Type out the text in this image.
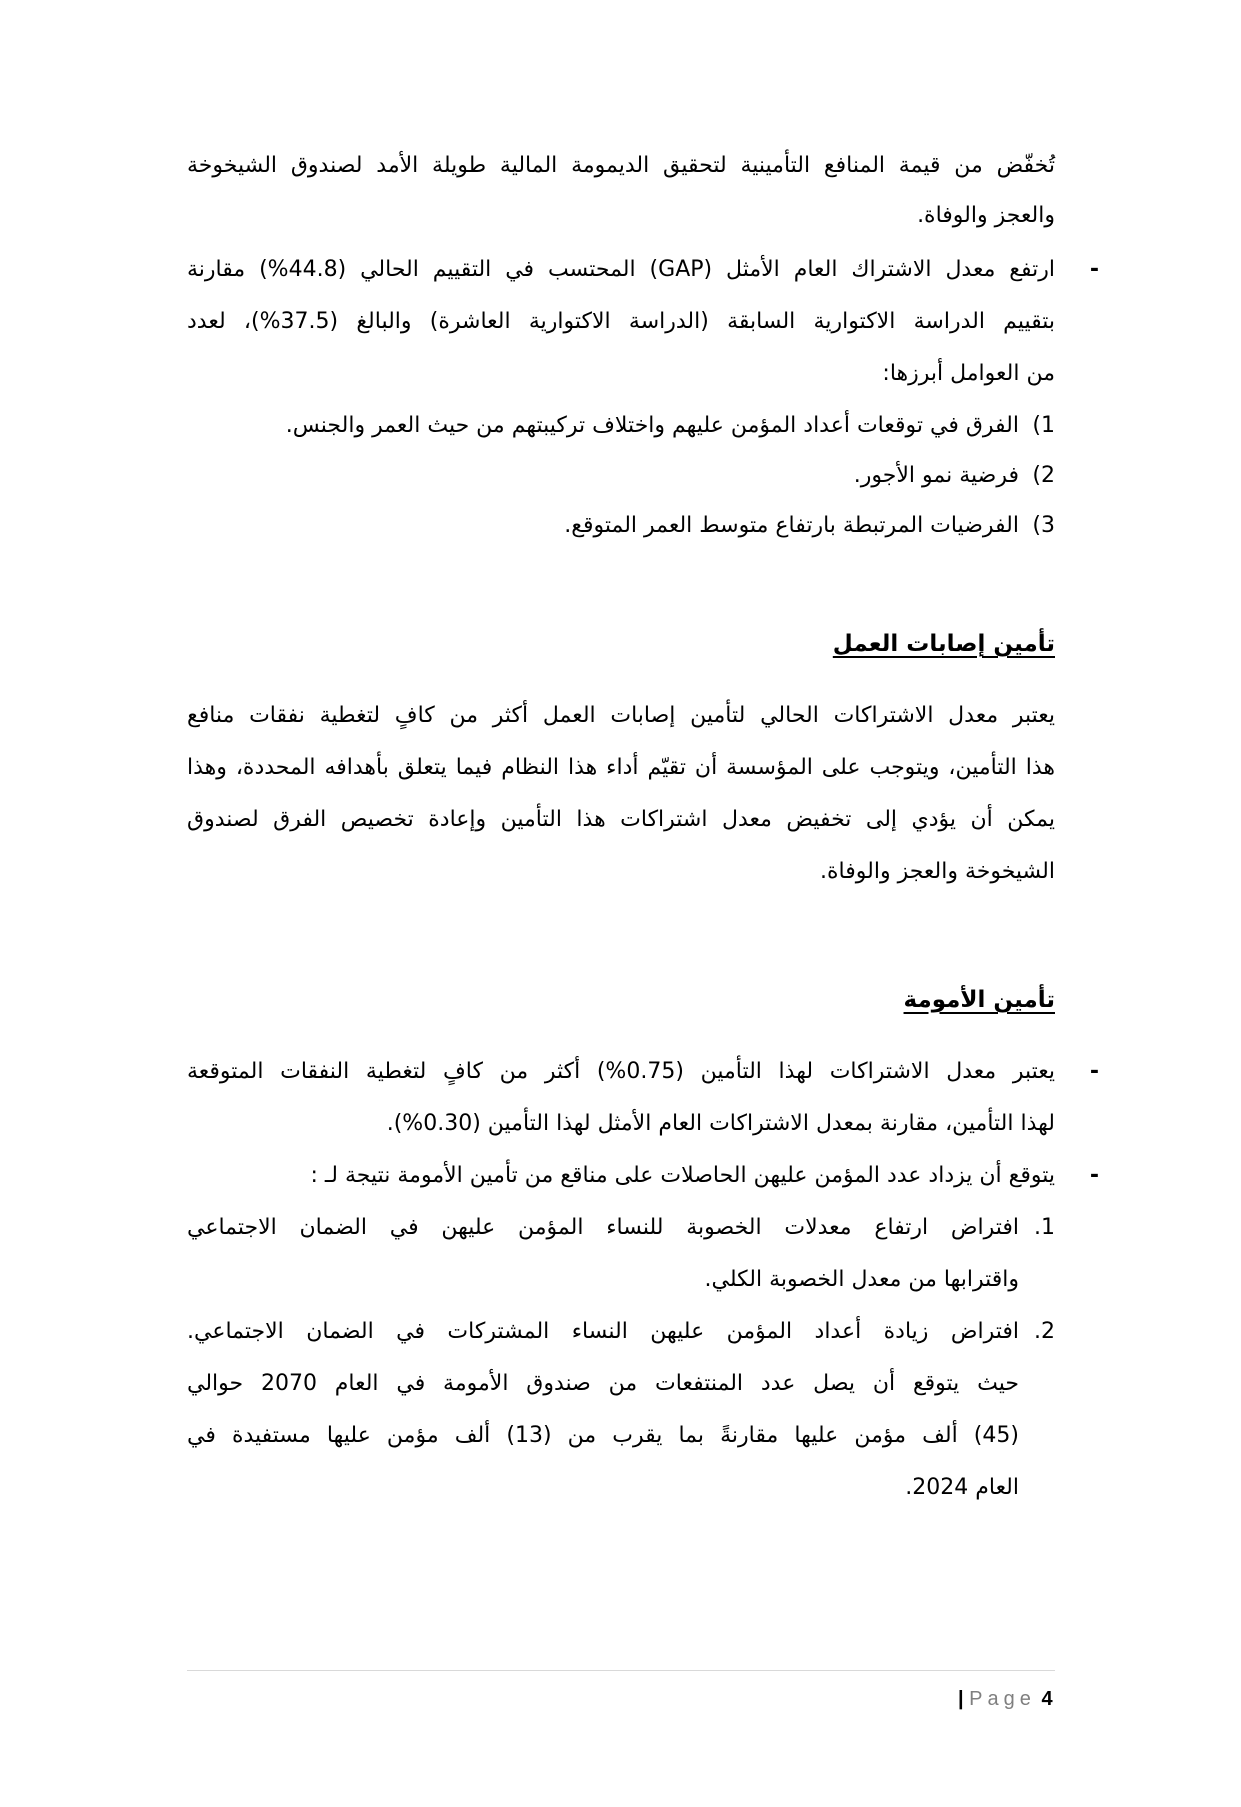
تُخفّض من قيمة المنافع التأمينية لتحقيق الديمومة المالية طويلة الأمد لصندوق الشيخوخة
والعجز والوفاة.
-
ارتفع معدل الاشتراك العام الأمثل (GAP) المحتسب في التقييم الحالي (44.8%) مقارنة
بتقييم الدراسة الاكتوارية السابقة (الدراسة الاكتوارية العاشرة) والبالغ (37.5%)، لعدد
من العوامل أبرزها:
1)
الفرق في توقعات أعداد المؤمن عليهم واختلاف تركيبتهم من حيث العمر والجنس.
2)
فرضية نمو الأجور.
3)
الفرضيات المرتبطة بارتفاع متوسط العمر المتوقع.
تأمين إصابات العمل
يعتبر معدل الاشتراكات الحالي لتأمين إصابات العمل أكثر من كافٍ لتغطية نفقات منافع
هذا التأمين، ويتوجب على المؤسسة أن تقيّم أداء هذا النظام فيما يتعلق بأهدافه المحددة، وهذا
يمكن أن يؤدي إلى تخفيض معدل اشتراكات هذا التأمين وإعادة تخصيص الفرق لصندوق
الشيخوخة والعجز والوفاة.
تأمين الأمومة
-
يعتبر معدل الاشتراكات لهذا التأمين (0.75%) أكثر من كافٍ لتغطية النفقات المتوقعة
لهذا التأمين، مقارنة بمعدل الاشتراكات العام الأمثل لهذا التأمين (0.30%).
-
يتوقع أن يزداد عدد المؤمن عليهن الحاصلات على مناقع من تأمين الأمومة نتيجة لـ :
1.
افتراض ارتفاع معدلات الخصوبة للنساء المؤمن عليهن في الضمان الاجتماعي
واقترابها من معدل الخصوبة الكلي.
2.
افتراض زيادة أعداد المؤمن عليهن النساء المشتركات في الضمان الاجتماعي.
حيث يتوقع أن يصل عدد المنتفعات من صندوق الأمومة في العام 2070 حوالي
(45) ألف مؤمن عليها مقارنةً بما يقرب من (13) ألف مؤمن عليها مستفيدة في
العام 2024.
| Page 4
